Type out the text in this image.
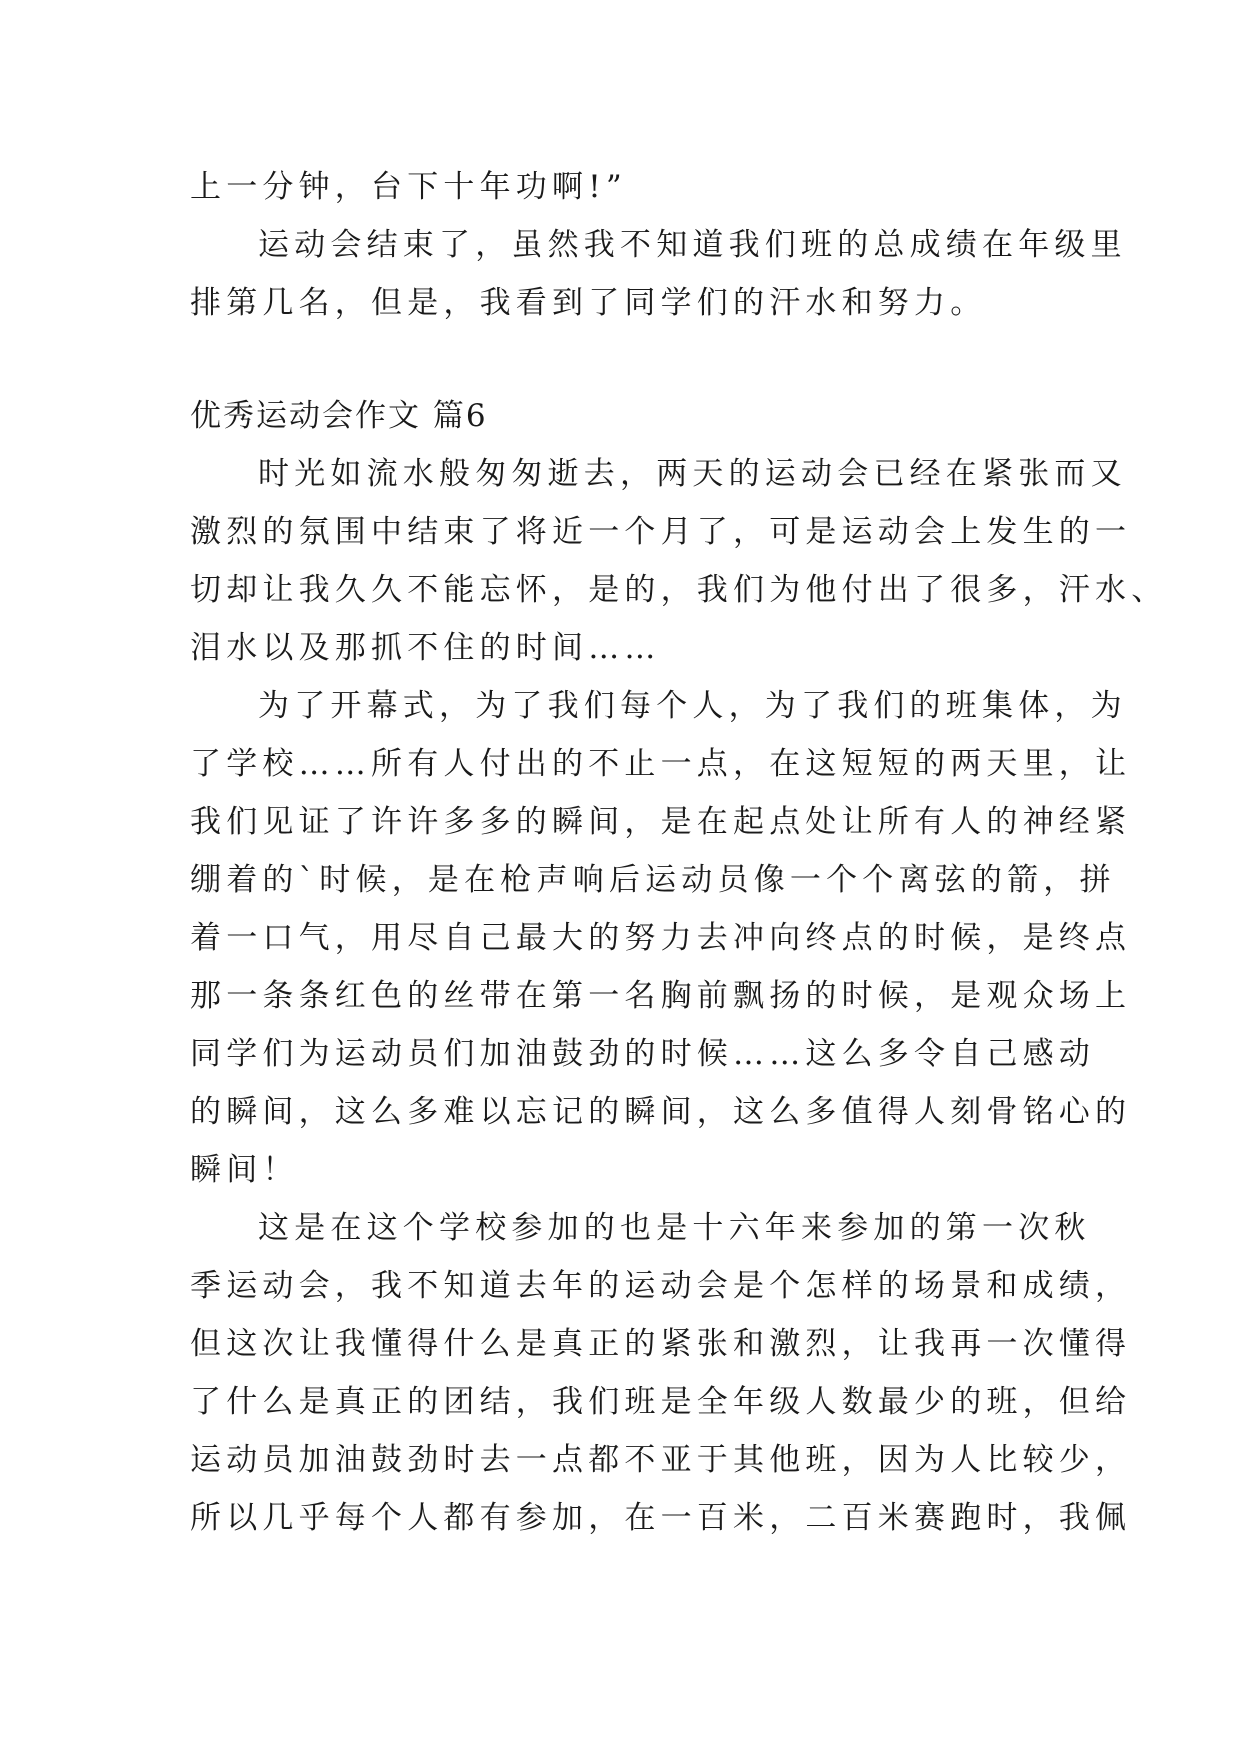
上一分钟，台下十年功啊!”
运动会结束了，虽然我不知道我们班的总成绩在年级里
排第几名，但是，我看到了同学们的汗水和努力。
优秀运动会作文 篇6
时光如流水般匆匆逝去，两天的运动会已经在紧张而又
激烈的氛围中结束了将近一个月了，可是运动会上发生的一
切却让我久久不能忘怀，是的，我们为他付出了很多，汗水、
泪水以及那抓不住的时间……
为了开幕式，为了我们每个人，为了我们的班集体，为
了学校……所有人付出的不止一点，在这短短的两天里，让
我们见证了许许多多的瞬间，是在起点处让所有人的神经紧
绷着的`时候，是在枪声响后运动员像一个个离弦的箭，拼
着一口气，用尽自己最大的努力去冲向终点的时候，是终点
那一条条红色的丝带在第一名胸前飘扬的时候，是观众场上
同学们为运动员们加油鼓劲的时候……这么多令自己感动
的瞬间，这么多难以忘记的瞬间，这么多值得人刻骨铭心的
瞬间！
这是在这个学校参加的也是十六年来参加的第一次秋
季运动会，我不知道去年的运动会是个怎样的场景和成绩，
但这次让我懂得什么是真正的紧张和激烈，让我再一次懂得
了什么是真正的团结，我们班是全年级人数最少的班，但给
运动员加油鼓劲时去一点都不亚于其他班，因为人比较少，
所以几乎每个人都有参加，在一百米，二百米赛跑时，我佩
